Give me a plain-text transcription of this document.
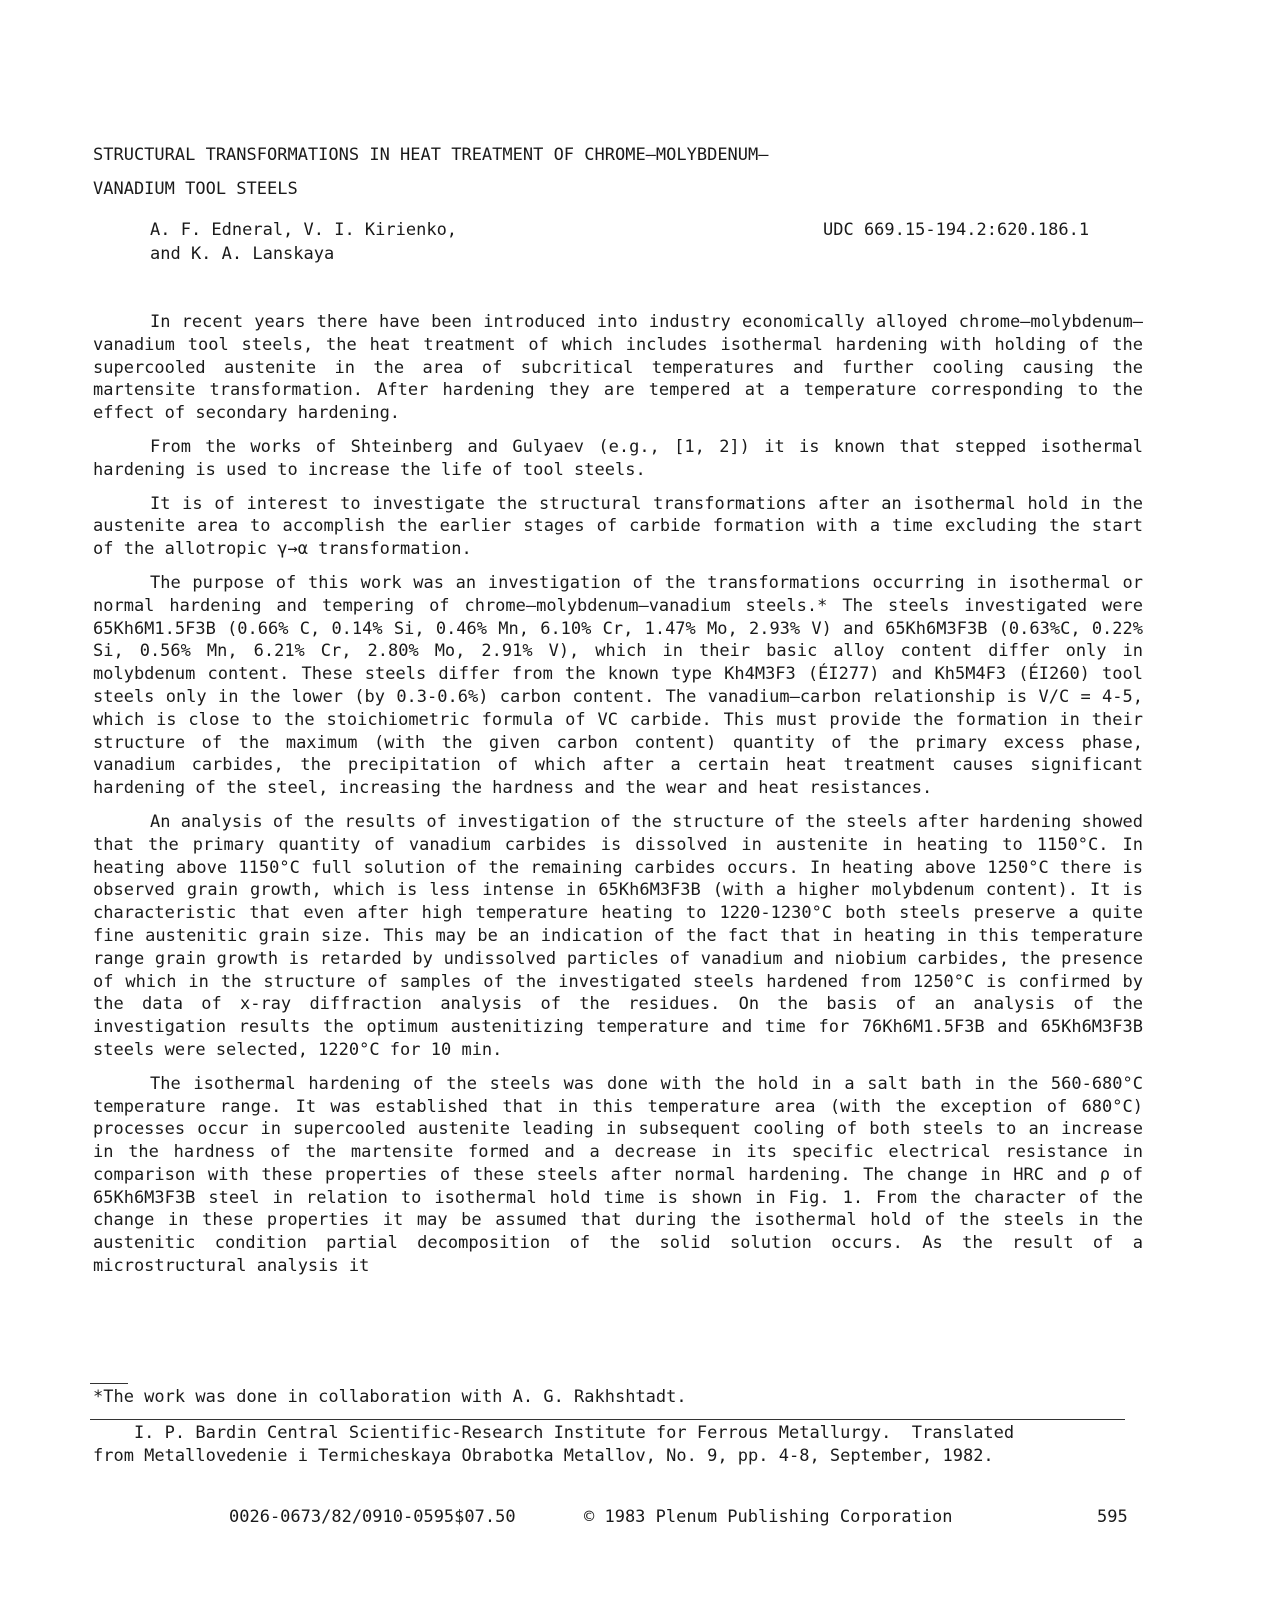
STRUCTURAL TRANSFORMATIONS IN HEAT TREATMENT OF CHROME—MOLYBDENUM—
VANADIUM TOOL STEELS
A. F. Edneral, V. I. Kirienko,
and K. A. Lanskaya
UDC 669.15-194.2:620.186.1

In recent years there have been introduced into industry economically alloyed chrome—molybdenum—vanadium tool steels, the heat treatment of which includes isothermal hardening with holding of the supercooled austenite in the area of subcritical temperatures and further cooling causing the martensite transformation. After hardening they are tempered at a temperature corresponding to the effect of secondary hardening.

From the works of Shteinberg and Gulyaev (e.g., [1, 2]) it is known that stepped isothermal hardening is used to increase the life of tool steels.

It is of interest to investigate the structural transformations after an isothermal hold in the austenite area to accomplish the earlier stages of carbide formation with a time excluding the start of the allotropic γ→α transformation.

The purpose of this work was an investigation of the transformations occurring in isothermal or normal hardening and tempering of chrome—molybdenum—vanadium steels.* The steels investigated were 65Kh6M1.5F3B (0.66% C, 0.14% Si, 0.46% Mn, 6.10% Cr, 1.47% Mo, 2.93% V) and 65Kh6M3F3B (0.63%C, 0.22% Si, 0.56% Mn, 6.21% Cr, 2.80% Mo, 2.91% V), which in their basic alloy content differ only in molybdenum content. These steels differ from the known type Kh4M3F3 (ÉI277) and Kh5M4F3 (ÉI260) tool steels only in the lower (by 0.3-0.6%) carbon content. The vanadium—carbon relationship is V/C = 4-5, which is close to the stoichiometric formula of VC carbide. This must provide the formation in their structure of the maximum (with the given carbon content) quantity of the primary excess phase, vanadium carbides, the precipitation of which after a certain heat treatment causes significant hardening of the steel, increasing the hardness and the wear and heat resistances.

An analysis of the results of investigation of the structure of the steels after hardening showed that the primary quantity of vanadium carbides is dissolved in austenite in heating to 1150°C. In heating above 1150°C full solution of the remaining carbides occurs. In heating above 1250°C there is observed grain growth, which is less intense in 65Kh6M3F3B (with a higher molybdenum content). It is characteristic that even after high temperature heating to 1220-1230°C both steels preserve a quite fine austenitic grain size. This may be an indication of the fact that in heating in this temperature range grain growth is retarded by undissolved particles of vanadium and niobium carbides, the presence of which in the structure of samples of the investigated steels hardened from 1250°C is confirmed by the data of x-ray diffraction analysis of the residues. On the basis of an analysis of the investigation results the optimum austenitizing temperature and time for 76Kh6M1.5F3B and 65Kh6M3F3B steels were selected, 1220°C for 10 min.

The isothermal hardening of the steels was done with the hold in a salt bath in the 560-680°C temperature range. It was established that in this temperature area (with the exception of 680°C) processes occur in supercooled austenite leading in subsequent cooling of both steels to an increase in the hardness of the martensite formed and a decrease in its specific electrical resistance in comparison with these properties of these steels after normal hardening. The change in HRC and ρ of 65Kh6M3F3B steel in relation to isothermal hold time is shown in Fig. 1. From the character of the change in these properties it may be assumed that during the isothermal hold of the steels in the austenitic condition partial decomposition of the solid solution occurs. As the result of a microstructural analysis it

*The work was done in collaboration with A. G. Rakhshtadt.
I. P. Bardin Central Scientific-Research Institute for Ferrous Metallurgy.  Translated
from Metallovedenie i Termicheskaya Obrabotka Metallov, No. 9, pp. 4-8, September, 1982.
0026-0673/82/0910-0595$07.50	© 1983 Plenum Publishing Corporation	595
